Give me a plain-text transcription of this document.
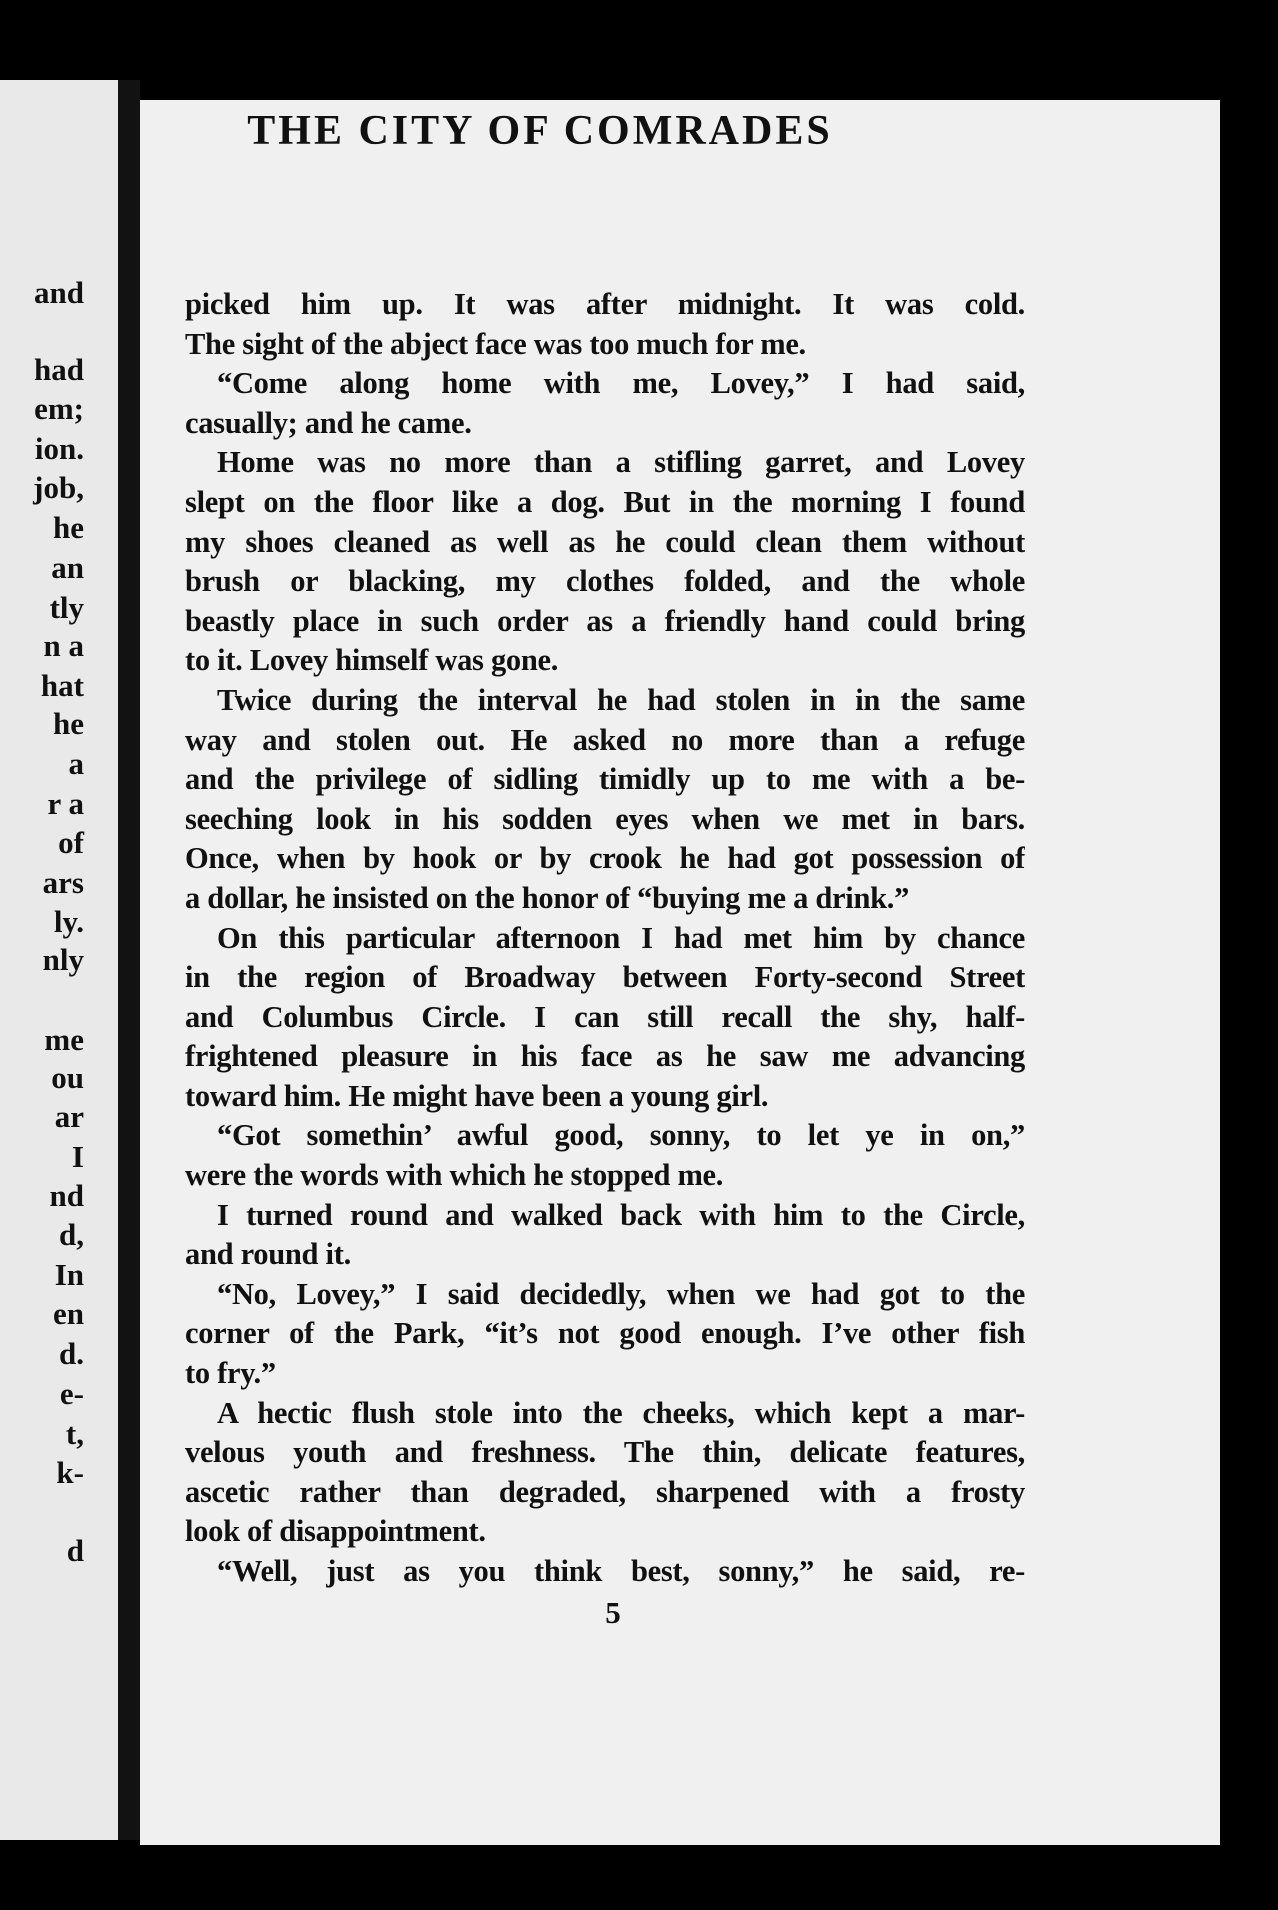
and
had
em;
ion.
job,
he
an
tly
n a
hat
he
a
r a
of
ars
ly.
nly
me
ou
ar
I
nd
d,
In
en
d.
e-
t,
k-
d
THE CITY OF COMRADES
picked him up. It was after midnight. It was cold.
The sight of the abject face was too much for me.
“Come along home with me, Lovey,” I had said,
casually; and he came.
Home was no more than a stifling garret, and Lovey
slept on the floor like a dog. But in the morning I found
my shoes cleaned as well as he could clean them without
brush or blacking, my clothes folded, and the whole
beastly place in such order as a friendly hand could bring
to it. Lovey himself was gone.
Twice during the interval he had stolen in in the same
way and stolen out. He asked no more than a refuge
and the privilege of sidling timidly up to me with a be-
seeching look in his sodden eyes when we met in bars.
Once, when by hook or by crook he had got possession of
a dollar, he insisted on the honor of “buying me a drink.”
On this particular afternoon I had met him by chance
in the region of Broadway between Forty-second Street
and Columbus Circle. I can still recall the shy, half-
frightened pleasure in his face as he saw me advancing
toward him. He might have been a young girl.
“Got somethin’ awful good, sonny, to let ye in on,”
were the words with which he stopped me.
I turned round and walked back with him to the Circle,
and round it.
“No, Lovey,” I said decidedly, when we had got to the
corner of the Park, “it’s not good enough. I’ve other fish
to fry.”
A hectic flush stole into the cheeks, which kept a mar-
velous youth and freshness. The thin, delicate features,
ascetic rather than degraded, sharpened with a frosty
look of disappointment.
“Well, just as you think best, sonny,” he said, re-
5
